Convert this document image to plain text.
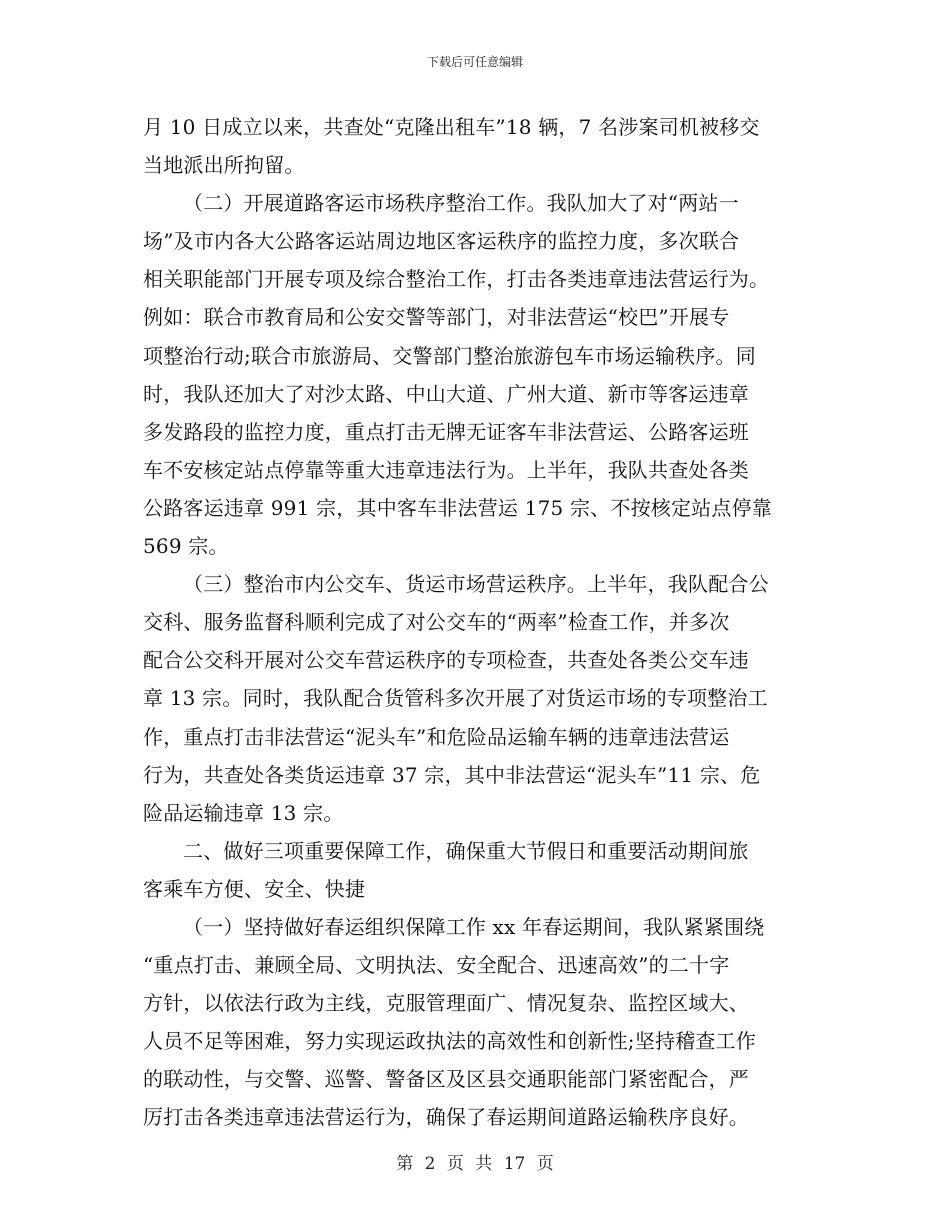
下载后可任意编辑
月 10 日成立以来，共查处“克隆出租车”18 辆，7 名涉案司机被移交
当地派出所拘留。
（二）开展道路客运市场秩序整治工作。我队加大了对“两站一
场”及市内各大公路客运站周边地区客运秩序的监控力度，多次联合
相关职能部门开展专项及综合整治工作，打击各类违章违法营运行为。
例如：联合市教育局和公安交警等部门，对非法营运“校巴”开展专
项整治行动;联合市旅游局、交警部门整治旅游包车市场运输秩序。同
时，我队还加大了对沙太路、中山大道、广州大道、新市等客运违章
多发路段的监控力度，重点打击无牌无证客车非法营运、公路客运班
车不安核定站点停靠等重大违章违法行为。上半年，我队共查处各类
公路客运违章 991 宗，其中客车非法营运 175 宗、不按核定站点停靠
569 宗。
（三）整治市内公交车、货运市场营运秩序。上半年，我队配合公
交科、服务监督科顺利完成了对公交车的“两率”检查工作，并多次
配合公交科开展对公交车营运秩序的专项检查，共查处各类公交车违
章 13 宗。同时，我队配合货管科多次开展了对货运市场的专项整治工
作，重点打击非法营运“泥头车”和危险品运输车辆的违章违法营运
行为，共查处各类货运违章 37 宗，其中非法营运“泥头车”11 宗、危
险品运输违章 13 宗。
二、做好三项重要保障工作，确保重大节假日和重要活动期间旅
客乘车方便、安全、快捷
（一）坚持做好春运组织保障工作 xx 年春运期间，我队紧紧围绕
“重点打击、兼顾全局、文明执法、安全配合、迅速高效”的二十字
方针，以依法行政为主线，克服管理面广、情况复杂、监控区域大、
人员不足等困难，努力实现运政执法的高效性和创新性;坚持稽查工作
的联动性，与交警、巡警、警备区及区县交通职能部门紧密配合，严
厉打击各类违章违法营运行为，确保了春运期间道路运输秩序良好。
第 2 页 共 17 页
